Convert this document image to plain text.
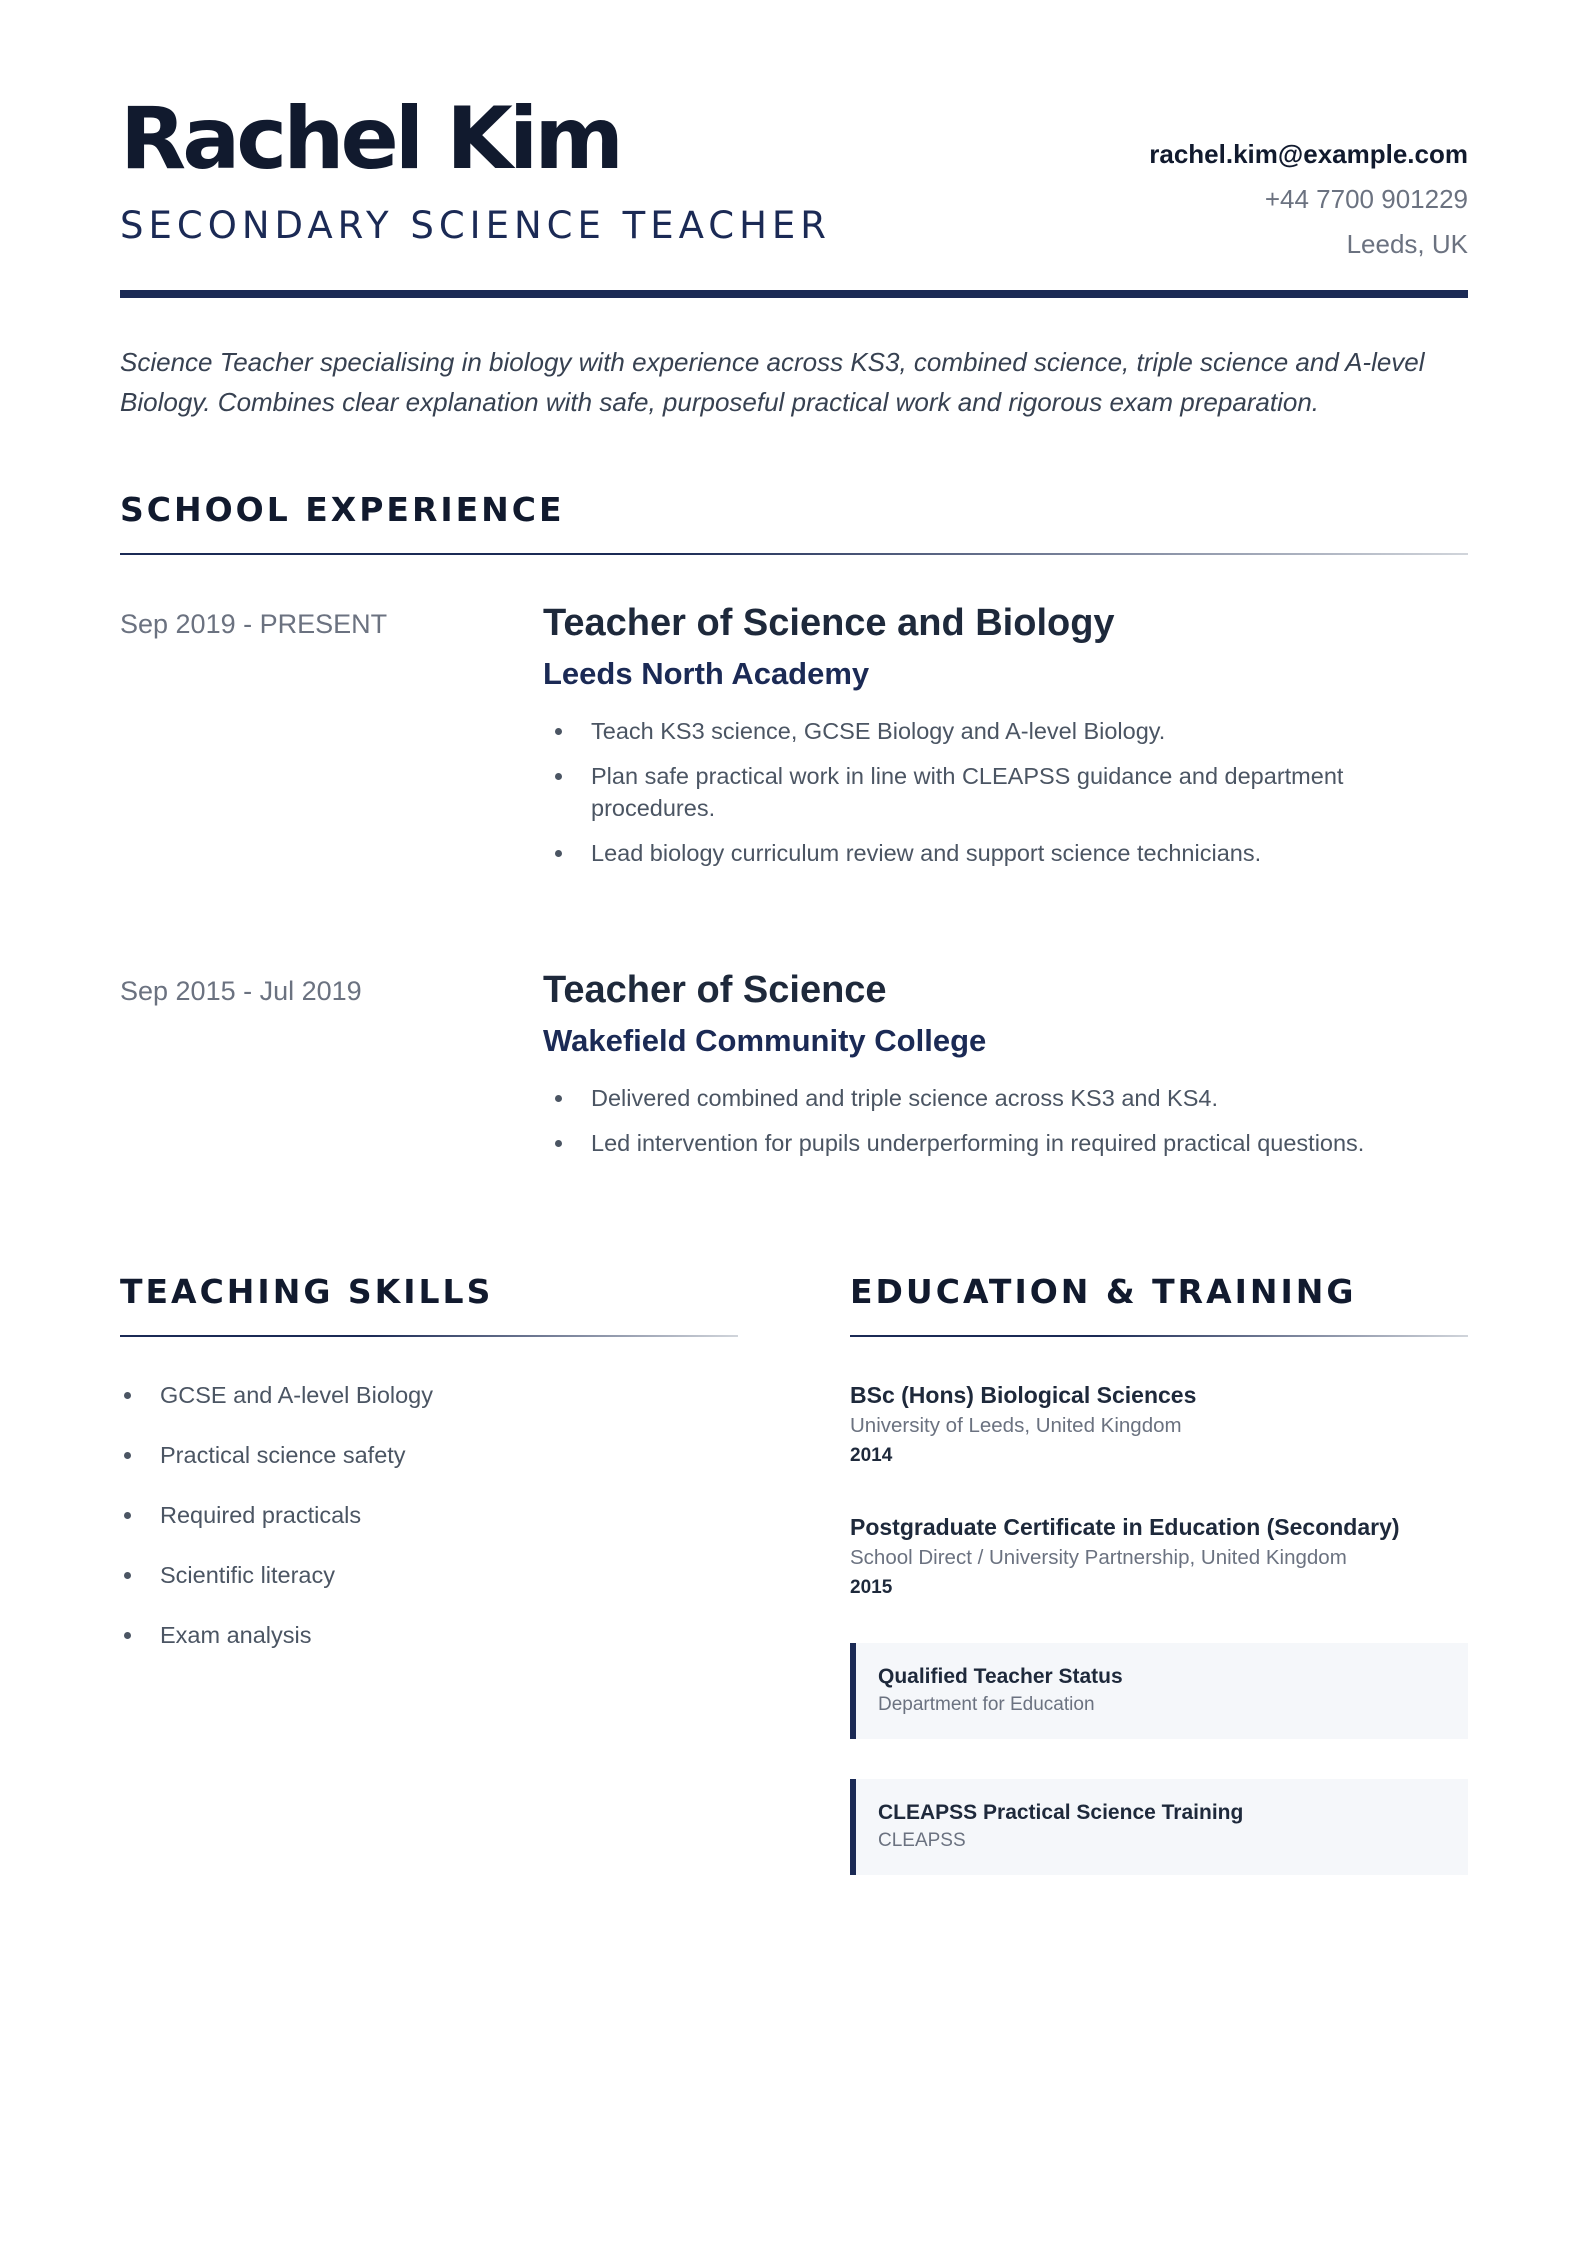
Rachel Kim
SECONDARY SCIENCE TEACHER
rachel.kim@example.com
+44 7700 901229
Leeds, UK
Science Teacher specialising in biology with experience across KS3, combined science, triple science and A-level Biology. Combines clear explanation with safe, purposeful practical work and rigorous exam preparation.
SCHOOL EXPERIENCE
Sep 2019 - PRESENT	Teacher of Science and Biology
Leeds North Academy
Teach KS3 science, GCSE Biology and A-level Biology.
Plan safe practical work in line with CLEAPSS guidance and department procedures.
Lead biology curriculum review and support science technicians.
Sep 2015 - Jul 2019	Teacher of Science
Wakefield Community College
Delivered combined and triple science across KS3 and KS4.
Led intervention for pupils underperforming in required practical questions.
TEACHING SKILLS
GCSE and A-level Biology
Practical science safety
Required practicals
Scientific literacy
Exam analysis
EDUCATION & TRAINING
BSc (Hons) Biological Sciences
University of Leeds, United Kingdom
2014
Postgraduate Certificate in Education (Secondary)
School Direct / University Partnership, United Kingdom
2015
Qualified Teacher Status
Department for Education
CLEAPSS Practical Science Training
CLEAPSS
